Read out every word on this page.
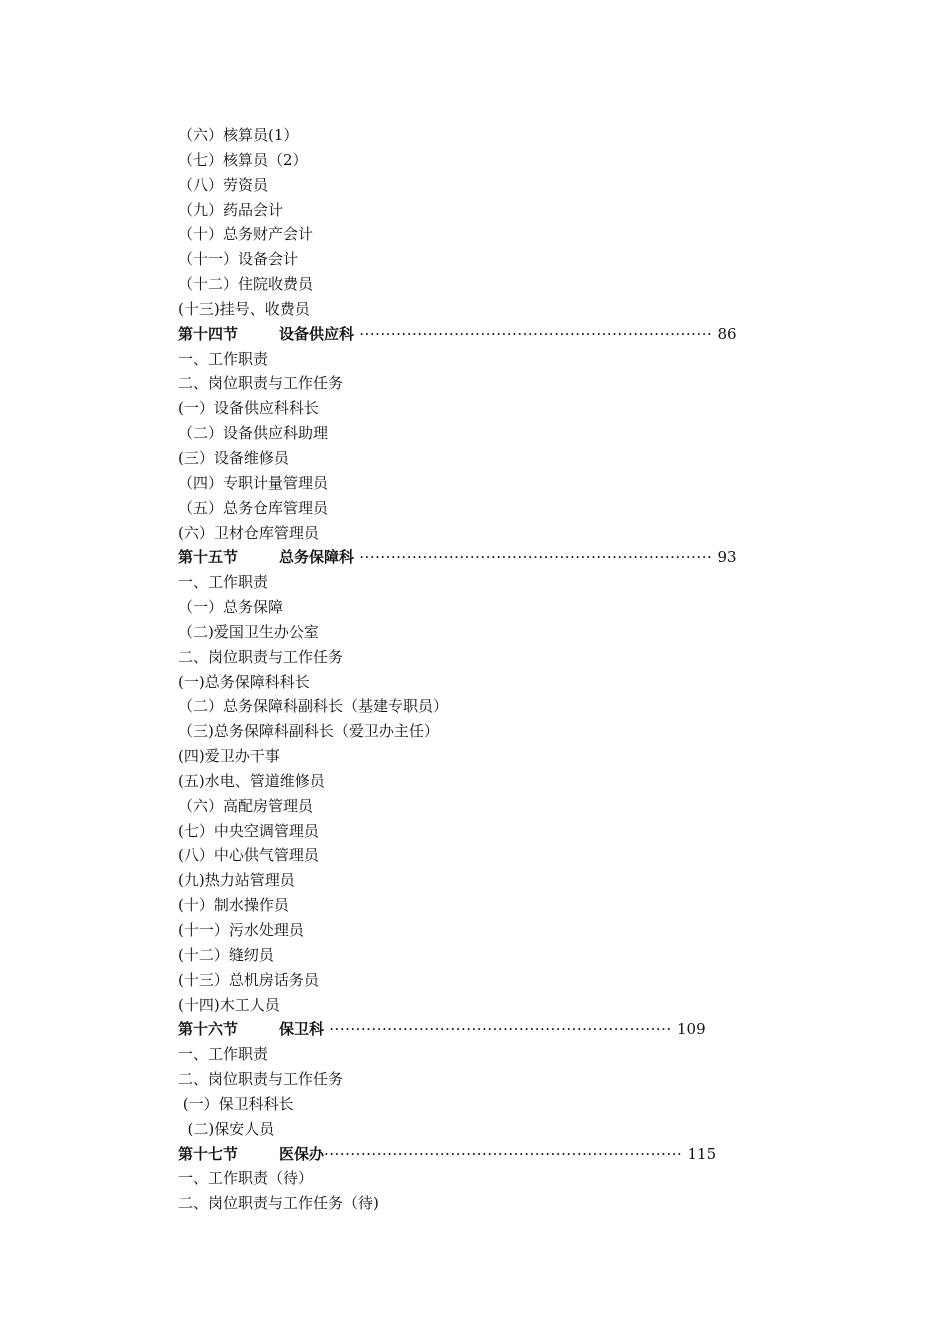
（六）核算员(1）
（七）核算员（2）
（八）劳资员
（九）药品会计
（十）总务财产会计
（十一）设备会计
（十二）住院收费员
(十三)挂号、收费员
第十四节	设备供应科 ··································································· 86
一、工作职责
二、岗位职责与工作任务
(一）设备供应科科长
（二）设备供应科助理
(三）设备维修员
（四）专职计量管理员
（五）总务仓库管理员
(六）卫材仓库管理员
第十五节	总务保障科 ··································································· 93
一、工作职责
（一）总务保障
（二)爱国卫生办公室
二、岗位职责与工作任务
(一)总务保障科科长
（二）总务保障科副科长（基建专职员）
（三)总务保障科副科长（爱卫办主任）
(四)爱卫办干事
(五)水电、管道维修员
（六）高配房管理员
(七）中央空调管理员
(八）中心供气管理员
(九)热力站管理员
(十）制水操作员
(十一）污水处理员
(十二）缝纫员
(十三）总机房话务员
(十四)木工人员
第十六节	保卫科 ································································· 109
一、工作职责
二、岗位职责与工作任务
(一）保卫科科长
(二)保安人员
第十七节	医保办···································································· 115
一、工作职责（待）
二、岗位职责与工作任务（待)
